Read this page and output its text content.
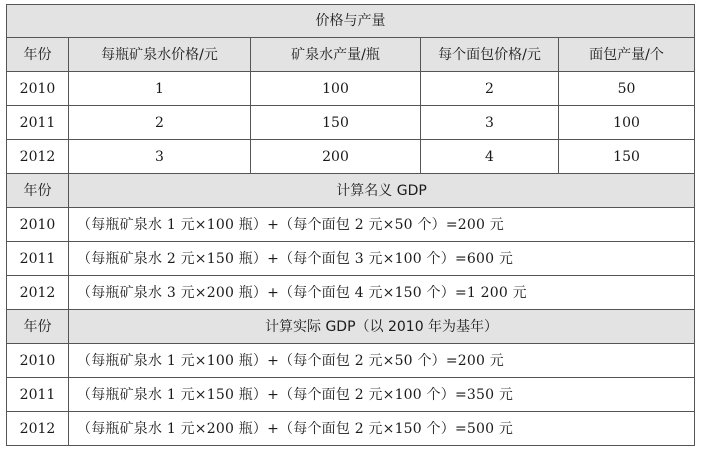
价格与产量				
年份	每瓶矿泉水价格/元	矿泉水产量/瓶	每个面包价格/元	面包产量/个
2010	1	100	2	50
2011	2	150	3	100
2012	3	200	4	150
年份	计算名义 GDP			
2010	（每瓶矿泉水 1 元×100 瓶）+（每个面包 2 元×50 个）=200 元			
2011	（每瓶矿泉水 2 元×150 瓶）+（每个面包 3 元×100 个）=600 元			
2012	（每瓶矿泉水 3 元×200 瓶）+（每个面包 4 元×150 个）=1 200 元			
年份	计算实际 GDP（以 2010 年为基年）			
2010	（每瓶矿泉水 1 元×100 瓶）+（每个面包 2 元×50 个）=200 元			
2011	（每瓶矿泉水 1 元×150 瓶）+（每个面包 2 元×100 个）=350 元			
2012	（每瓶矿泉水 1 元×200 瓶）+（每个面包 2 元×150 个）=500 元			
